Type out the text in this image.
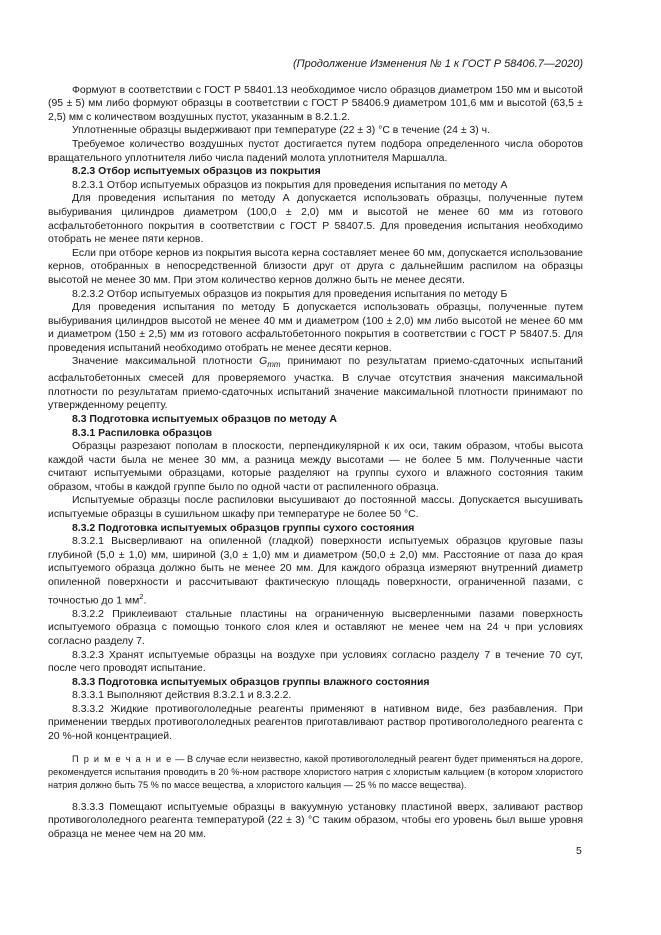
(Продолжение Изменения № 1 к ГОСТ Р 58406.7—2020)

Формуют в соответствии с ГОСТ Р 58401.13 необходимое число образцов диаметром 150 мм и высотой (95 ± 5) мм либо формуют образцы в соответствии с ГОСТ Р 58406.9 диаметром 101,6 мм и высотой (63,5 ± 2,5) мм с количеством воздушных пустот, указанным в 8.2.1.2.

Уплотненные образцы выдерживают при температуре (22 ± 3) °С в течение (24 ± 3) ч.

Требуемое количество воздушных пустот достигается путем подбора определенного числа оборотов вращательного уплотнителя либо числа падений молота уплотнителя Маршалла.

8.2.3 Отбор испытуемых образцов из покрытия

8.2.3.1 Отбор испытуемых образцов из покрытия для проведения испытания по методу А

Для проведения испытания по методу А допускается использовать образцы, полученные путем выбуривания цилиндров диаметром (100,0 ± 2,0) мм и высотой не менее 60 мм из готового асфальтобетонного покрытия в соответствии с ГОСТ Р 58407.5. Для проведения испытания необходимо отобрать не менее пяти кернов.

Если при отборе кернов из покрытия высота керна составляет менее 60 мм, допускается использование кернов, отобранных в непосредственной близости друг от друга с дальнейшим распилом на образцы высотой не менее 30 мм. При этом количество кернов должно быть не менее десяти.

8.2.3.2 Отбор испытуемых образцов из покрытия для проведения испытания по методу Б

Для проведения испытания по методу Б допускается использовать образцы, полученные путем выбуривания цилиндров высотой не менее 40 мм и диаметром (100 ± 2,0) мм либо высотой не менее 60 мм и диаметром (150 ± 2,5) мм из готового асфальтобетонного покрытия в соответствии с ГОСТ Р 58407.5. Для проведения испытаний необходимо отобрать не менее десяти кернов.

Значение максимальной плотности $G_{mm}$ принимают по результатам приемо-сдаточных испытаний асфальтобетонных смесей для проверяемого участка. В случае отсутствия значения максимальной плотности по результатам приемо-сдаточных испытаний значение максимальной плотности принимают по утвержденному рецепту.

8.3 Подготовка испытуемых образцов по методу А

8.3.1 Распиловка образцов

Образцы разрезают пополам в плоскости, перпендикулярной к их оси, таким образом, чтобы высота каждой части была не менее 30 мм, а разница между высотами — не более 5 мм. Полученные части считают испытуемыми образцами, которые разделяют на группы сухого и влажного состояния таким образом, чтобы в каждой группе было по одной части от распиленного образца.

Испытуемые образцы после распиловки высушивают до постоянной массы. Допускается высушивать испытуемые образцы в сушильном шкафу при температуре не более 50 °С.

8.3.2 Подготовка испытуемых образцов группы сухого состояния

8.3.2.1 Высверливают на опиленной (гладкой) поверхности испытуемых образцов круговые пазы глубиной (5,0 ± 1,0) мм, шириной (3,0 ± 1,0) мм и диаметром (50,0 ± 2,0) мм. Расстояние от паза до края испытуемого образца должно быть не менее 20 мм. Для каждого образца измеряют внутренний диаметр опиленной поверхности и рассчитывают фактическую площадь поверхности, ограниченной пазами, с точностью до 1 $мм^2$.

8.3.2.2 Приклеивают стальные пластины на ограниченную высверленными пазами поверхность испытуемого образца с помощью тонкого слоя клея и оставляют не менее чем на 24 ч при условиях согласно разделу 7.

8.3.2.3 Хранят испытуемые образцы на воздухе при условиях согласно разделу 7 в течение 70 сут, после чего проводят испытание.

8.3.3 Подготовка испытуемых образцов группы влажного состояния

8.3.3.1 Выполняют действия 8.3.2.1 и 8.3.2.2.

8.3.3.2 Жидкие противогололедные реагенты применяют в нативном виде, без разбавления. При применении твердых противогололедных реагентов приготавливают раствор противогололедного реагента с 20 %-ной концентрацией.

П р и м е ч а н и е — В случае если неизвестно, какой противогололедный реагент будет применяться на дороге, рекомендуется испытания проводить в 20 %-ном растворе хлористого натрия с хлористым кальцием (в котором хлористого натрия должно быть 75 % по массе вещества, а хлористого кальция — 25 % по массе вещества).

8.3.3.3 Помещают испытуемые образцы в вакуумную установку пластиной вверх, заливают раствор противогололедного реагента температурой (22 ± 3) °С таким образом, чтобы его уровень был выше уровня образца не менее чем на 20 мм.

5
